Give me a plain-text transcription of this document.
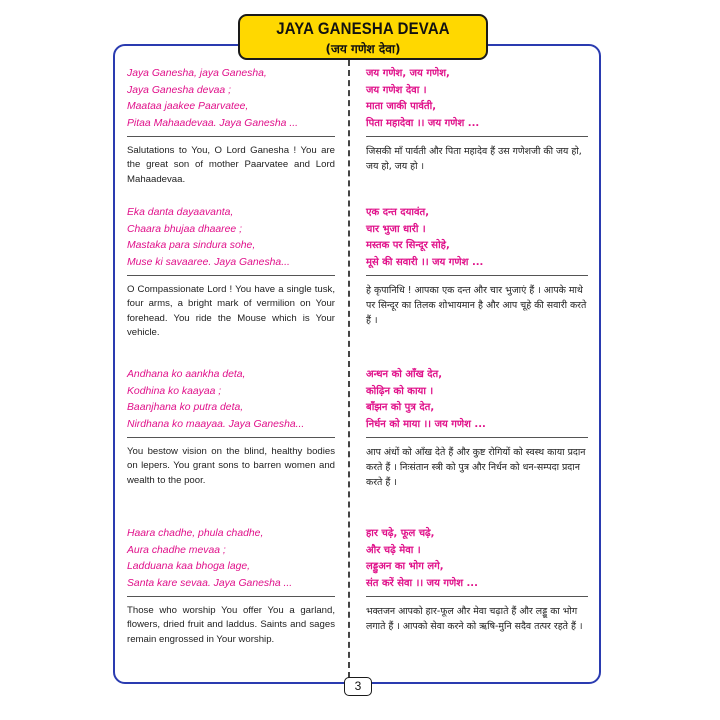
JAYA GANESHA DEVAA
(जय गणेश देवा)
Jaya Ganesha, jaya Ganesha,
Jaya Ganesha devaa ;
Maataa jaakee Paarvatee,
Pitaa Mahaadevaa. Jaya Ganesha ...
Salutations to You, O Lord Ganesha ! You are the great son of mother Paarvatee and Lord Mahaadevaa.
जय गणेश, जय गणेश,
जय गणेश देवा ।
माता जाकी पार्वती,
पिता महादेवा ।। जय गणेश ...
जिसकी माँ पार्वती और पिता महादेव हैं उस गणेशजी की जय हो, जय हो, जय हो ।
Eka danta dayaavanta,
Chaara bhujaa dhaaree ;
Mastaka para sindura sohe,
Muse ki savaaree. Jaya Ganesha...
O Compassionate Lord ! You have a single tusk, four arms, a bright mark of vermilion on Your forehead. You ride the Mouse which is Your vehicle.
एक दन्त दयावंत,
चार भुजा धारी ।
मस्तक पर सिन्दूर सोहे,
मूसे की सवारी ।। जय गणेश ...
हे कृपानिधि ! आपका एक दन्त और चार भुजाएं हैं । आपके माथे पर सिन्दूर का तिलक शोभायमान है और आप चूहे की सवारी करते हैं ।
Andhana ko aankha deta,
Kodhina ko kaayaa ;
Baanjhana ko putra deta,
Nirdhana ko maayaa. Jaya Ganesha...
You bestow vision on the blind, healthy bodies on lepers. You grant sons to barren women and wealth to the poor.
अन्धन को आँख देत,
कोढ़िन को काया ।
बाँझन को पुत्र देत,
निर्धन को माया ।। जय गणेश ...
आप अंधों को आँख देते हैं और कुष्ट रोगियों को स्वस्थ काया प्रदान करते हैं । निःसंतान स्त्री को पुत्र और निर्धन को धन-सम्पदा प्रदान करते हैं ।
Haara chadhe, phula chadhe,
Aura chadhe mevaa ;
Ladduana kaa bhoga lage,
Santa kare sevaa. Jaya Ganesha ...
Those who worship You offer You a garland, flowers, dried fruit and laddus. Saints and sages remain engrossed in Your worship.
हार चढ़े, फूल चढ़े,
और चढ़े मेवा ।
लड्डुअन का भोग लगे,
संत करें सेवा ।। जय गणेश ...
भक्तजन आपको हार-फूल और मेवा चढ़ाते हैं और लड्डू का भोग लगाते हैं । आपको सेवा करने को ऋषि-मुनि सदैव तत्पर रहते हैं ।
3
